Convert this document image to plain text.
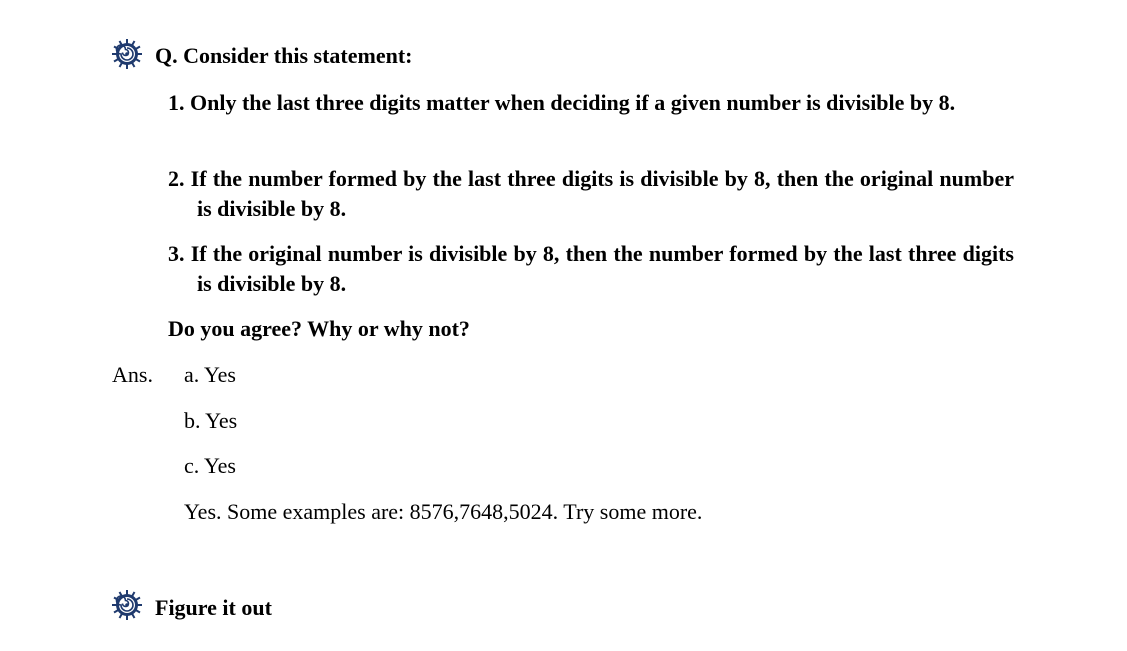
Q. Consider this statement:
1. Only the last three digits matter when deciding if a given number is divisible by 8.
2. If the number formed by the last three digits is divisible by 8, then the original number is divisible by 8.
3. If the original number is divisible by 8, then the number formed by the last three digits is divisible by 8.
Do you agree? Why or why not?
Ans. a. Yes
b. Yes
c. Yes
Yes. Some examples are: 8576,7648,5024. Try some more.
Figure it out
